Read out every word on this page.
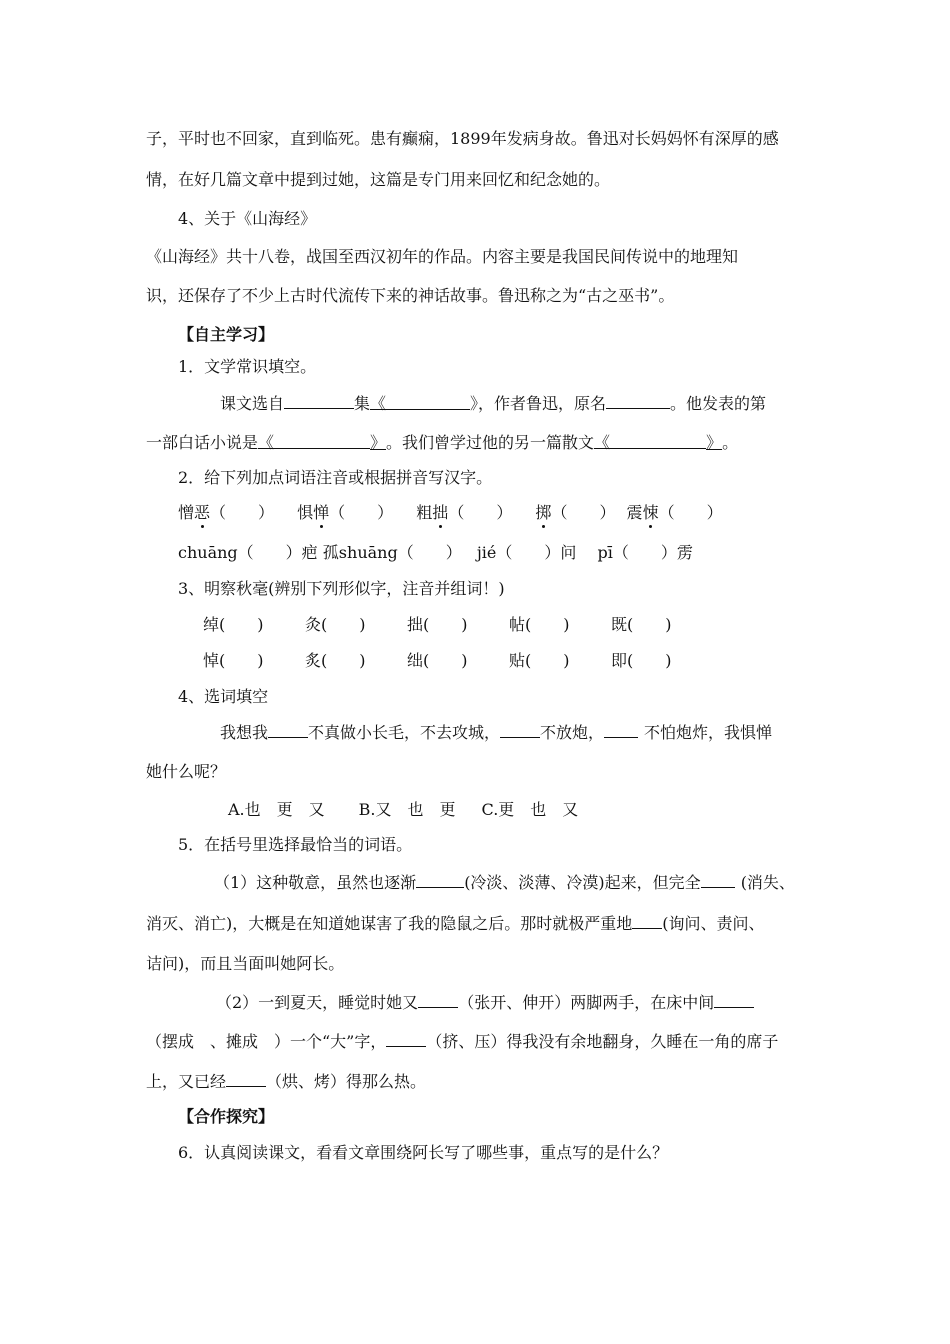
子，平时也不回家，直到临死。患有癫痫，1899年发病身故。鲁迅对长妈妈怀有深厚的感
情，在好几篇文章中提到过她，这篇是专门用来回忆和纪念她的。
4、关于《山海经》
《山海经》共十八卷，战国至西汉初年的作品。内容主要是我国民间传说中的地理知
识，还保存了不少上古时代流传下来的神话故事。鲁迅称之为“古之巫书”。
【自主学习】
1．文学常识填空。
课文选自	集《	》，作者鲁迅，原名	。他发表的第
一部白话小说是《	》。我们曾学过他的另一篇散文《	》。
2．给下列加点词语注音或根据拼音写汉字。
憎恶（　　） 惧惮（　　） 粗拙（　　） 掷（　　） 震悚（　　）
chuāng（　　）疤 孤shuāng（　　） jié（　　）问 pī（　　）雳
3、明察秋毫(辨别下列形似字，注音并组词！)
绰(　　)	灸(　　)	拙(　　)	帖(　　)	既(　　)
悼(　　)	炙(　　)	绌(　　)	贴(　　)	即(　　)
4、选词填空
我想我	不真做小长毛，不去攻城，	不放炮，	不怕炮炸，我惧惮
她什么呢？
A.也　更　又 B.又　也　更 C.更　也　又
5．在括号里选择最恰当的词语。
（1）这种敬意，虽然也逐渐	(冷淡、淡薄、冷漠)起来，但完全	(消失、
消灭、消亡)，大概是在知道她谋害了我的隐鼠之后。那时就极严重地 (询问、责问、
诘问)，而且当面叫她阿长。
（2）一到夏天，睡觉时她又	（张开、伸开）两脚两手，在床中间
（摆成　、摊成　）一个“大”字，	（挤、压）得我没有余地翻身，久睡在一角的席子
上，又已经	（烘、烤）得那么热。
【合作探究】
6．认真阅读课文，看看文章围绕阿长写了哪些事，重点写的是什么？
